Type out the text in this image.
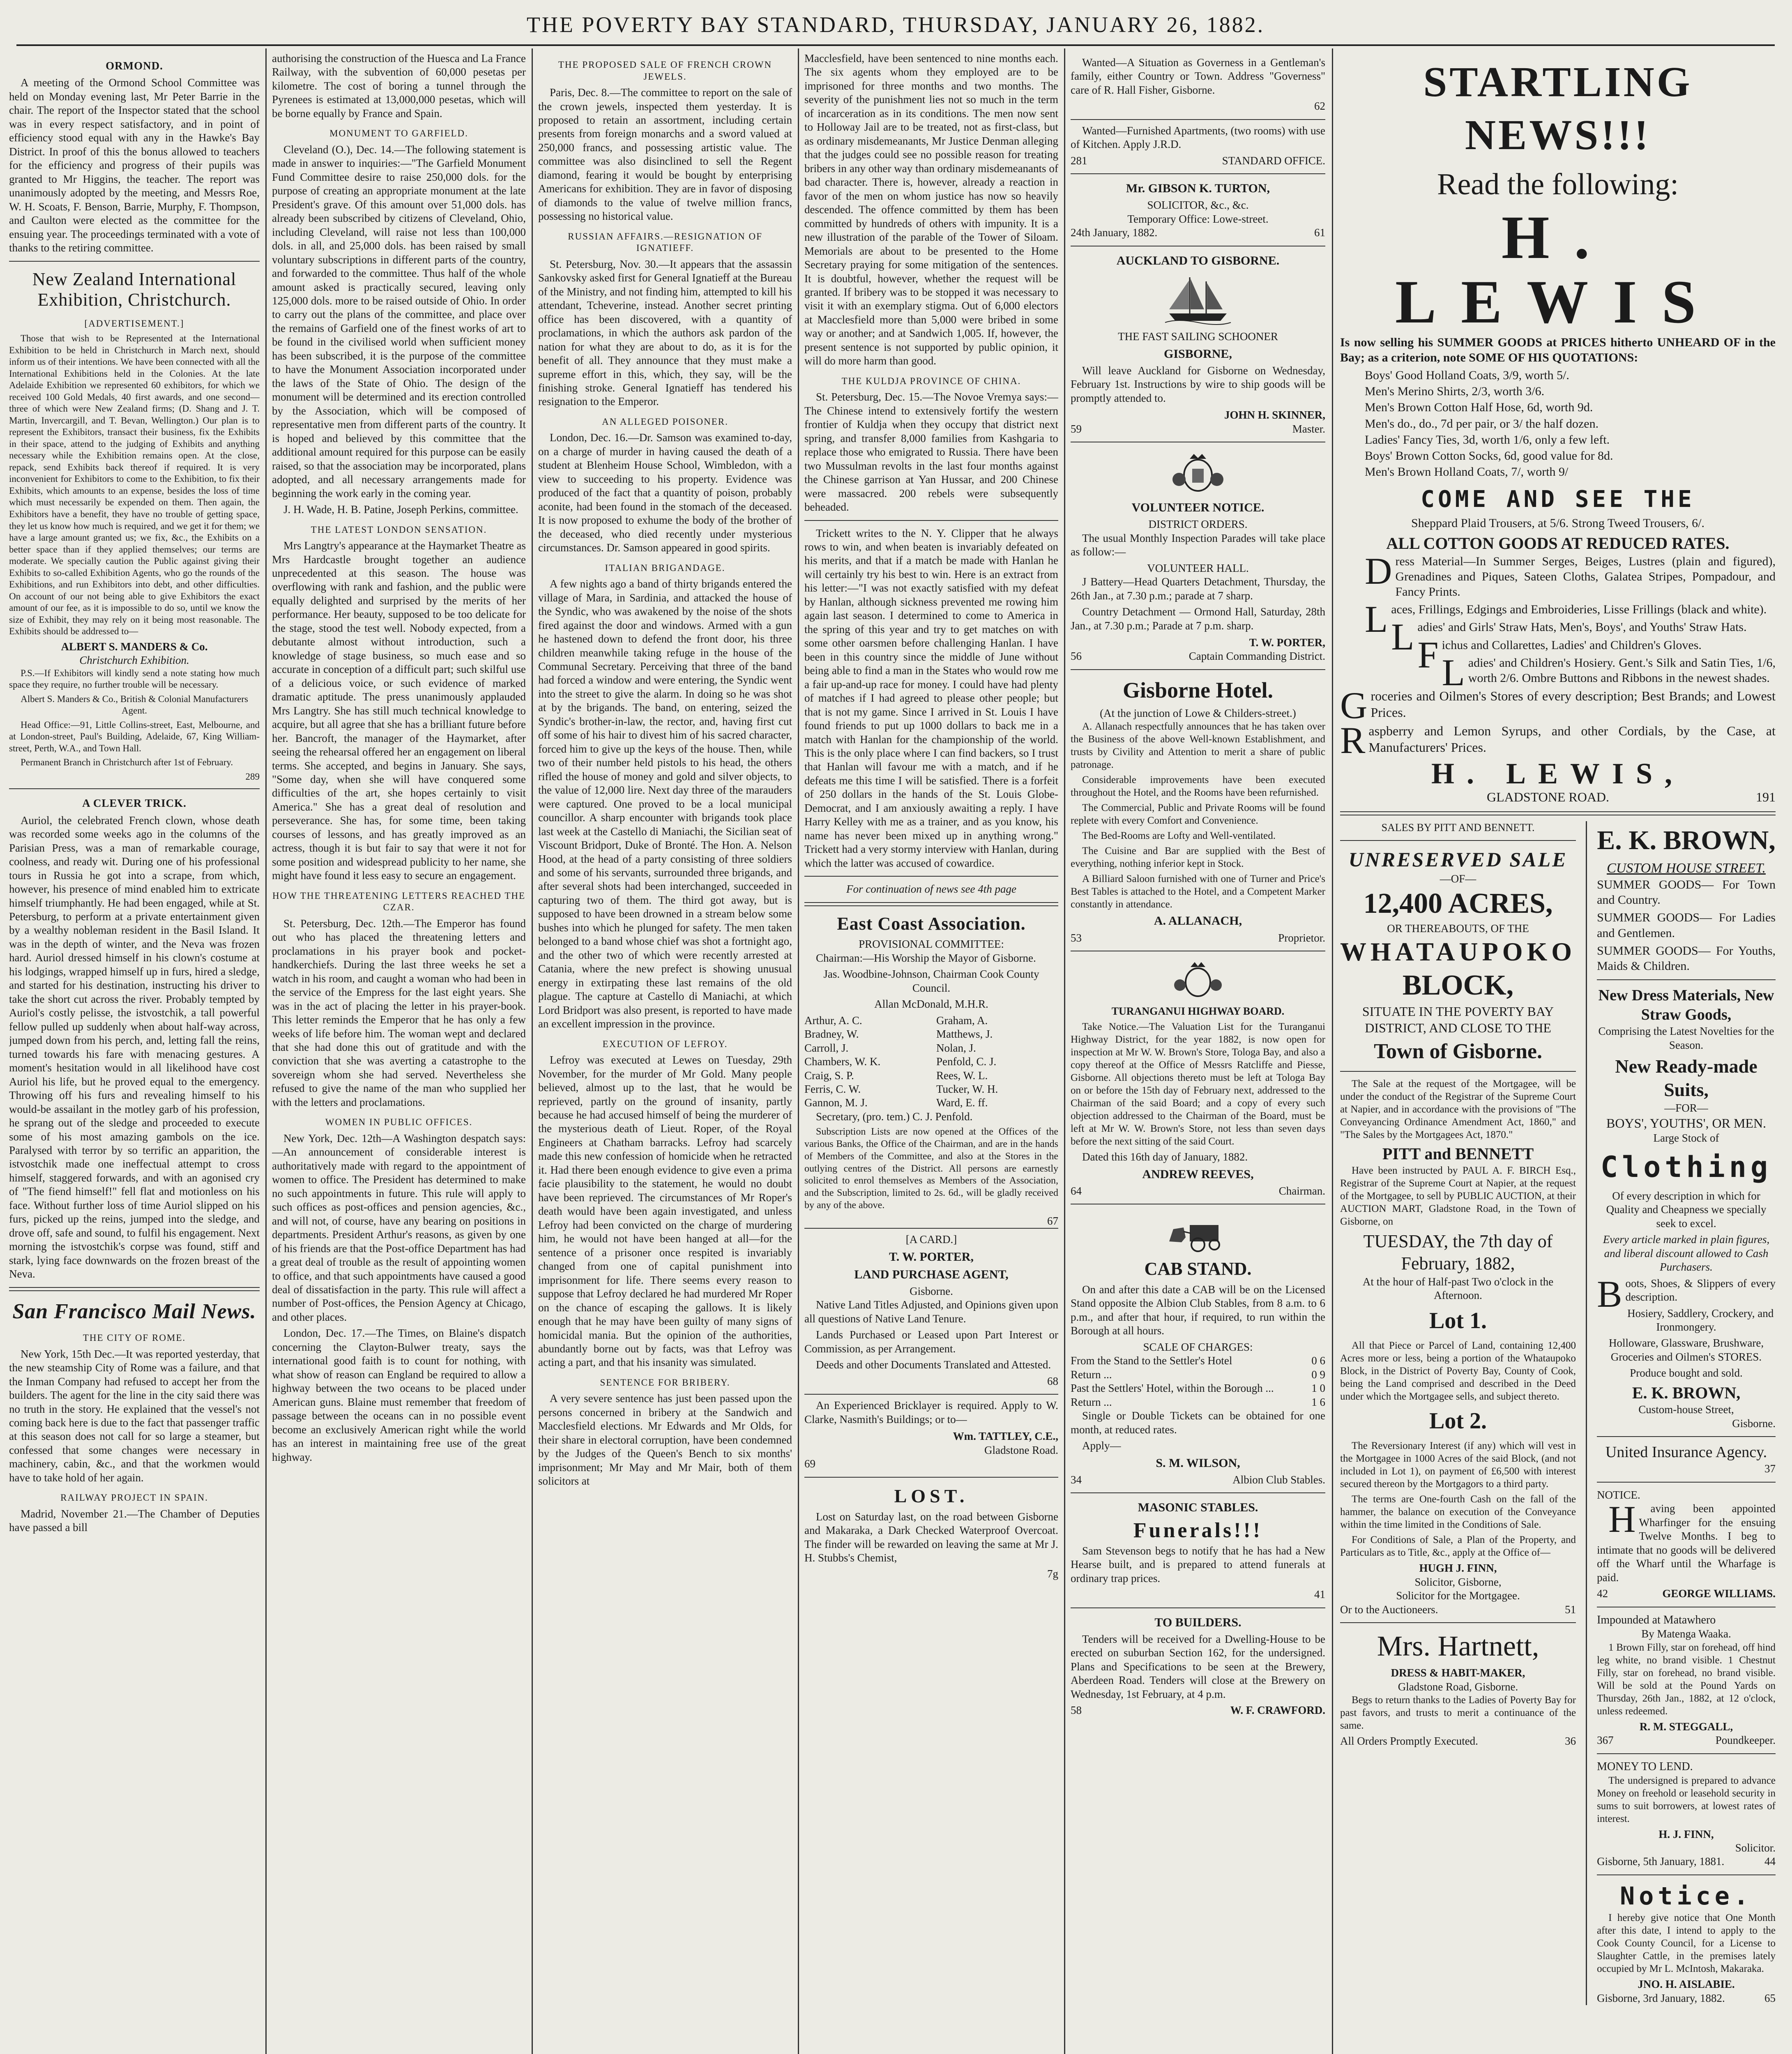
THE POVERTY BAY STANDARD, THURSDAY, JANUARY 26, 1882.
ORMOND.

A meeting of the Ormond School Committee was held on Monday evening last, Mr Peter Barrie in the chair. The report of the Inspector stated that the school was in every respect satisfactory, and in point of efficiency stood equal with any in the Hawke's Bay District. In proof of this the bonus allowed to teachers for the efficiency and progress of their pupils was granted to Mr Higgins, the teacher. The report was unanimously adopted by the meeting, and Messrs Roe, W. H. Scoats, F. Benson, Barrie, Murphy, F. Thompson, and Caulton were elected as the committee for the ensuing year. The proceedings terminated with a vote of thanks to the retiring committee.

New Zealand International Exhibition, Christchurch.
[ADVERTISEMENT.]

Those that wish to be Represented at the International Exhibition to be held in Christchurch in March next, should inform us of their intentions. We have been connected with all the International Exhibitions held in the Colonies. At the late Adelaide Exhibition we represented 60 exhibitors, for which we received 100 Gold Medals, 40 first awards, and one second—three of which were New Zealand firms; (D. Shang and J. T. Martin, Invercargill, and T. Bevan, Wellington.) Our plan is to represent the Exhibitors, transact their business, fix the Exhibits in their space, attend to the judging of Exhibits and anything necessary while the Exhibition remains open. At the close, repack, send Exhibits back thereof if required. It is very inconvenient for Exhibitors to come to the Exhibition, to fix their Exhibits, which amounts to an expense, besides the loss of time which must necessarily be expended on them. Then again, the Exhibitors have a benefit, they have no trouble of getting space, they let us know how much is required, and we get it for them; we have a large amount granted us; we fix, &c., the Exhibits on a better space than if they applied themselves; our terms are moderate. We specially caution the Public against giving their Exhibits to so-called Exhibition Agents, who go the rounds of the Exhibitions, and run Exhibitors into debt, and other difficulties. On account of our not being able to give Exhibitors the exact amount of our fee, as it is impossible to do so, until we know the size of Exhibit, they may rely on it being most reasonable. The Exhibits should be addressed to—

ALBERT S. MANDERS & Co.
Christchurch Exhibition.

P.S.—If Exhibitors will kindly send a note stating how much space they require, no further trouble will be necessary.

Albert S. Manders & Co., British & Colonial Manufacturers Agent.

Head Office:—91, Little Collins-street, East, Melbourne, and at London-street, Paul's Building, Adelaide, 67, King William-street, Perth, W.A., and Town Hall.

Permanent Branch in Christchurch after 1st of February.

289
A CLEVER TRICK.

Auriol, the celebrated French clown, whose death was recorded some weeks ago in the columns of the Parisian Press, was a man of remarkable courage, coolness, and ready wit. During one of his professional tours in Russia he got into a scrape, from which, however, his presence of mind enabled him to extricate himself triumphantly. He had been engaged, while at St. Petersburg, to perform at a private entertainment given by a wealthy nobleman resident in the Basil Island. It was in the depth of winter, and the Neva was frozen hard. Auriol dressed himself in his clown's costume at his lodgings, wrapped himself up in furs, hired a sledge, and started for his destination, instructing his driver to take the short cut across the river. Probably tempted by Auriol's costly pelisse, the istvostchik, a tall powerful fellow pulled up suddenly when about half-way across, jumped down from his perch, and, letting fall the reins, turned towards his fare with menacing gestures. A moment's hesitation would in all likelihood have cost Auriol his life, but he proved equal to the emergency. Throwing off his furs and revealing himself to his would-be assailant in the motley garb of his profession, he sprang out of the sledge and proceeded to execute some of his most amazing gambols on the ice. Paralysed with terror by so terrific an apparition, the istvostchik made one ineffectual attempt to cross himself, staggered forwards, and with an agonised cry of "The fiend himself!" fell flat and motionless on his face. Without further loss of time Auriol slipped on his furs, picked up the reins, jumped into the sledge, and drove off, safe and sound, to fulfil his engagement. Next morning the istvostchik's corpse was found, stiff and stark, lying face downwards on the frozen breast of the Neva.

San Francisco Mail News.
THE CITY OF ROME.

New York, 15th Dec.—It was reported yesterday, that the new steamship City of Rome was a failure, and that the Inman Company had refused to accept her from the builders. The agent for the line in the city said there was no truth in the story. He explained that the vessel's not coming back here is due to the fact that passenger traffic at this season does not call for so large a steamer, but confessed that some changes were necessary in machinery, cabin, &c., and that the workmen would have to take hold of her again.

RAILWAY PROJECT IN SPAIN.

Madrid, November 21.—The Chamber of Deputies have passed a bill

authorising the construction of the Huesca and La France Railway, with the subvention of 60,000 pesetas per kilometre. The cost of boring a tunnel through the Pyrenees is estimated at 13,000,000 pesetas, which will be borne equally by France and Spain.

MONUMENT TO GARFIELD.

Cleveland (O.), Dec. 14.—The following statement is made in answer to inquiries:—"The Garfield Monument Fund Committee desire to raise 250,000 dols. for the purpose of creating an appropriate monument at the late President's grave. Of this amount over 51,000 dols. has already been subscribed by citizens of Cleveland, Ohio, including Cleveland, will raise not less than 100,000 dols. in all, and 25,000 dols. has been raised by small voluntary subscriptions in different parts of the country, and forwarded to the committee. Thus half of the whole amount asked is practically secured, leaving only 125,000 dols. more to be raised outside of Ohio. In order to carry out the plans of the committee, and place over the remains of Garfield one of the finest works of art to be found in the civilised world when sufficient money has been subscribed, it is the purpose of the committee to have the Monument Association incorporated under the laws of the State of Ohio. The design of the monument will be determined and its erection controlled by the Association, which will be composed of representative men from different parts of the country. It is hoped and believed by this committee that the additional amount required for this purpose can be easily raised, so that the association may be incorporated, plans adopted, and all necessary arrangements made for beginning the work early in the coming year.

J. H. Wade, H. B. Patine, Joseph Perkins, committee.

THE LATEST LONDON SENSATION.

Mrs Langtry's appearance at the Haymarket Theatre as Mrs Hardcastle brought together an audience unprecedented at this season. The house was overflowing with rank and fashion, and the public were equally delighted and surprised by the merits of her performance. Her beauty, supposed to be too delicate for the stage, stood the test well. Nobody expected, from a debutante almost without introduction, such a knowledge of stage business, so much ease and so accurate in conception of a difficult part; such skilful use of a delicious voice, or such evidence of marked dramatic aptitude. The press unanimously applauded Mrs Langtry. She has still much technical knowledge to acquire, but all agree that she has a brilliant future before her. Bancroft, the manager of the Haymarket, after seeing the rehearsal offered her an engagement on liberal terms. She accepted, and begins in January. She says, "Some day, when she will have conquered some difficulties of the art, she hopes certainly to visit America." She has a great deal of resolution and perseverance. She has, for some time, been taking courses of lessons, and has greatly improved as an actress, though it is but fair to say that were it not for some position and widespread publicity to her name, she might have found it less easy to secure an engagement.

HOW THE THREATENING LETTERS REACHED THE CZAR.

St. Petersburg, Dec. 12th.—The Emperor has found out who has placed the threatening letters and proclamations in his prayer book and pocket-handkerchiefs. During the last three weeks he set a watch in his room, and caught a woman who had been in the service of the Empress for the last eight years. She was in the act of placing the letter in his prayer-book. This letter reminds the Emperor that he has only a few weeks of life before him. The woman wept and declared that she had done this out of gratitude and with the conviction that she was averting a catastrophe to the sovereign whom she had served. Nevertheless she refused to give the name of the man who supplied her with the letters and proclamations.

WOMEN IN PUBLIC OFFICES.

New York, Dec. 12th—A Washington despatch says:—An announcement of considerable interest is authoritatively made with regard to the appointment of women to office. The President has determined to make no such appointments in future. This rule will apply to such offices as post-offices and pension agencies, &c., and will not, of course, have any bearing on positions in departments. President Arthur's reasons, as given by one of his friends are that the Post-office Department has had a great deal of trouble as the result of appointing women to office, and that such appointments have caused a good deal of dissatisfaction in the party. This rule will affect a number of Post-offices, the Pension Agency at Chicago, and other places.

London, Dec. 17.—The Times, on Blaine's dispatch concerning the Clayton-Bulwer treaty, says the international good faith is to count for nothing, with what show of reason can England be required to allow a highway between the two oceans to be placed under American guns. Blaine must remember that freedom of passage between the oceans can in no possible event become an exclusively American right while the world has an interest in maintaining free use of the great highway.

THE PROPOSED SALE OF FRENCH CROWN JEWELS.

Paris, Dec. 8.—The committee to report on the sale of the crown jewels, inspected them yesterday. It is proposed to retain an assortment, including certain presents from foreign monarchs and a sword valued at 250,000 francs, and possessing artistic value. The committee was also disinclined to sell the Regent diamond, fearing it would be bought by enterprising Americans for exhibition. They are in favor of disposing of diamonds to the value of twelve million francs, possessing no historical value.

RUSSIAN AFFAIRS.—RESIGNATION OF IGNATIEFF.

St. Petersburg, Nov. 30.—It appears that the assassin Sankovsky asked first for General Ignatieff at the Bureau of the Ministry, and not finding him, attempted to kill his attendant, Tcheverine, instead. Another secret printing office has been discovered, with a quantity of proclamations, in which the authors ask pardon of the nation for what they are about to do, as it is for the benefit of all. They announce that they must make a supreme effort in this, which, they say, will be the finishing stroke. General Ignatieff has tendered his resignation to the Emperor.

AN ALLEGED POISONER.

London, Dec. 16.—Dr. Samson was examined to-day, on a charge of murder in having caused the death of a student at Blenheim House School, Wimbledon, with a view to succeeding to his property. Evidence was produced of the fact that a quantity of poison, probably aconite, had been found in the stomach of the deceased. It is now proposed to exhume the body of the brother of the deceased, who died recently under mysterious circumstances. Dr. Samson appeared in good spirits.

ITALIAN BRIGANDAGE.

A few nights ago a band of thirty brigands entered the village of Mara, in Sardinia, and attacked the house of the Syndic, who was awakened by the noise of the shots fired against the door and windows. Armed with a gun he hastened down to defend the front door, his three children meanwhile taking refuge in the house of the Communal Secretary. Perceiving that three of the band had forced a window and were entering, the Syndic went into the street to give the alarm. In doing so he was shot at by the brigands. The band, on entering, seized the Syndic's brother-in-law, the rector, and, having first cut off some of his hair to divest him of his sacred character, forced him to give up the keys of the house. Then, while two of their number held pistols to his head, the others rifled the house of money and gold and silver objects, to the value of 12,000 lire. Next day three of the marauders were captured. One proved to be a local municipal councillor. A sharp encounter with brigands took place last week at the Castello di Maniachi, the Sicilian seat of Viscount Bridport, Duke of Bronté. The Hon. A. Nelson Hood, at the head of a party consisting of three soldiers and some of his servants, surrounded three brigands, and after several shots had been interchanged, succeeded in capturing two of them. The third got away, but is supposed to have been drowned in a stream below some bushes into which he plunged for safety. The men taken belonged to a band whose chief was shot a fortnight ago, and the other two of which were recently arrested at Catania, where the new prefect is showing unusual energy in extirpating these last remains of the old plague. The capture at Castello di Maniachi, at which Lord Bridport was also present, is reported to have made an excellent impression in the province.

EXECUTION OF LEFROY.

Lefroy was executed at Lewes on Tuesday, 29th November, for the murder of Mr Gold. Many people believed, almost up to the last, that he would be reprieved, partly on the ground of insanity, partly because he had accused himself of being the murderer of the mysterious death of Lieut. Roper, of the Royal Engineers at Chatham barracks. Lefroy had scarcely made this new confession of homicide when he retracted it. Had there been enough evidence to give even a prima facie plausibility to the statement, he would no doubt have been reprieved. The circumstances of Mr Roper's death would have been again investigated, and unless Lefroy had been convicted on the charge of murdering him, he would not have been hanged at all—for the sentence of a prisoner once respited is invariably changed from one of capital punishment into imprisonment for life. There seems every reason to suppose that Lefroy declared he had murdered Mr Roper on the chance of escaping the gallows. It is likely enough that he may have been guilty of many signs of homicidal mania. But the opinion of the authorities, abundantly borne out by facts, was that Lefroy was acting a part, and that his insanity was simulated.

SENTENCE FOR BRIBERY.

A very severe sentence has just been passed upon the persons concerned in bribery at the Sandwich and Macclesfield elections. Mr Edwards and Mr Olds, for their share in electoral corruption, have been condemned by the Judges of the Queen's Bench to six months' imprisonment; Mr May and Mr Mair, both of them solicitors at

Macclesfield, have been sentenced to nine months each. The six agents whom they employed are to be imprisoned for three months and two months. The severity of the punishment lies not so much in the term of incarceration as in its conditions. The men now sent to Holloway Jail are to be treated, not as first-class, but as ordinary misdemeanants, Mr Justice Denman alleging that the judges could see no possible reason for treating bribers in any other way than ordinary misdemeanants of bad character. There is, however, already a reaction in favor of the men on whom justice has now so heavily descended. The offence committed by them has been committed by hundreds of others with impunity. It is a new illustration of the parable of the Tower of Siloam. Memorials are about to be presented to the Home Secretary praying for some mitigation of the sentences. It is doubtful, however, whether the request will be granted. If bribery was to be stopped it was necessary to visit it with an exemplary stigma. Out of 6,000 electors at Macclesfield more than 5,000 were bribed in some way or another; and at Sandwich 1,005. If, however, the present sentence is not supported by public opinion, it will do more harm than good.

THE KULDJA PROVINCE OF CHINA.

St. Petersburg, Dec. 15.—The Novoe Vremya says:—The Chinese intend to extensively fortify the western frontier of Kuldja when they occupy that district next spring, and transfer 8,000 families from Kashgaria to replace those who emigrated to Russia. There have been two Mussulman revolts in the last four months against the Chinese garrison at Yan Hussar, and 200 Chinese were massacred. 200 rebels were subsequently beheaded.

Trickett writes to the N. Y. Clipper that he always rows to win, and when beaten is invariably defeated on his merits, and that if a match be made with Hanlan he will certainly try his best to win. Here is an extract from his letter:—"I was not exactly satisfied with my defeat by Hanlan, although sickness prevented me rowing him again last season. I determined to come to America in the spring of this year and try to get matches on with some other oarsmen before challenging Hanlan. I have been in this country since the middle of June without being able to find a man in the States who would row me a fair up-and-up race for money. I could have had plenty of matches if I had agreed to please other people; but that is not my game. Since I arrived in St. Louis I have found friends to put up 1000 dollars to back me in a match with Hanlan for the championship of the world. This is the only place where I can find backers, so I trust that Hanlan will favour me with a match, and if he defeats me this time I will be satisfied. There is a forfeit of 250 dollars in the hands of the St. Louis Globe-Democrat, and I am anxiously awaiting a reply. I have Harry Kelley with me as a trainer, and as you know, his name has never been mixed up in anything wrong." Trickett had a very stormy interview with Hanlan, during which the latter was accused of cowardice.

For continuation of news see 4th page
East Coast Association.
PROVISIONAL COMMITTEE:

Chairman:—His Worship the Mayor of Gisborne.

Jas. Woodbine-Johnson, Chairman Cook County Council.

Allan McDonald, M.H.R.

Arthur, A. C.
Bradney, W.
Carroll, J.
Chambers, W. K.
Craig, S. P.
Ferris, C. W.
Gannon, M. J.
Graham, A.
Matthews, J.
Nolan, J.
Penfold, C. J.
Rees, W. L.
Tucker, W. H.
Ward, E. ff.

Secretary, (pro. tem.) C. J. Penfold.

Subscription Lists are now opened at the Offices of the various Banks, the Office of the Chairman, and are in the hands of Members of the Committee, and also at the Stores in the outlying centres of the District. All persons are earnestly solicited to enrol themselves as Members of the Association, and the Subscription, limited to 2s. 6d., will be gladly received by any of the above.

67
[A CARD.]
T. W. PORTER,
LAND PURCHASE AGENT,
Gisborne.

Native Land Titles Adjusted, and Opinions given upon all questions of Native Land Tenure.

Lands Purchased or Leased upon Part Interest or Commission, as per Arrangement.

Deeds and other Documents Translated and Attested.

68

An Experienced Bricklayer is required. Apply to W. Clarke, Nasmith's Buildings; or to—

Wm. TATTLEY, C.E.,
Gladstone Road.
69
LOST.

Lost on Saturday last, on the road between Gisborne and Makaraka, a Dark Checked Waterproof Overcoat. The finder will be rewarded on leaving the same at Mr J. H. Stubbs's Chemist,

7g

Wanted—A Situation as Governess in a Gentleman's family, either Country or Town. Address "Governess" care of R. Hall Fisher, Gisborne.

62

Wanted—Furnished Apartments, (two rooms) with use of Kitchen. Apply J.R.D.

281	STANDARD OFFICE.
Mr. GIBSON K. TURTON,
SOLICITOR, &c., &c.
Temporary Office: Lowe-street.
24th January, 1882.	61
AUCKLAND TO GISBORNE.
THE FAST SAILING SCHOONER
GISBORNE,

Will leave Auckland for Gisborne on Wednesday, February 1st. Instructions by wire to ship goods will be promptly attended to.

JOHN H. SKINNER,
59	Master.
VOLUNTEER NOTICE.
DISTRICT ORDERS.

The usual Monthly Inspection Parades will take place as follow:—

VOLUNTEER HALL.

J Battery—Head Quarters Detachment, Thursday, the 26th Jan., at 7.30 p.m.; parade at 7 sharp.

Country Detachment — Ormond Hall, Saturday, 28th Jan., at 7.30 p.m.; Parade at 7 p.m. sharp.

T. W. PORTER,
56	Captain Commanding District.
Gisborne Hotel.
(At the junction of Lowe & Childers-street.)

A. Allanach respectfully announces that he has taken over the Business of the above Well-known Establishment, and trusts by Civility and Attention to merit a share of public patronage.

Considerable improvements have been executed throughout the Hotel, and the Rooms have been refurnished.

The Commercial, Public and Private Rooms will be found replete with every Comfort and Convenience.

The Bed-Rooms are Lofty and Well-ventilated.

The Cuisine and Bar are supplied with the Best of everything, nothing inferior kept in Stock.

A Billiard Saloon furnished with one of Turner and Price's Best Tables is attached to the Hotel, and a Competent Marker constantly in attendance.

A. ALLANACH,
53	Proprietor.
TURANGANUI HIGHWAY BOARD.

Take Notice.—The Valuation List for the Turanganui Highway District, for the year 1882, is now open for inspection at Mr W. W. Brown's Store, Tologa Bay, and also a copy thereof at the Office of Messrs Ratcliffe and Piesse, Gisborne. All objections thereto must be left at Tologa Bay on or before the 15th day of February next, addressed to the Chairman of the said Board; and a copy of every such objection addressed to the Chairman of the Board, must be left at Mr W. W. Brown's Store, not less than seven days before the next sitting of the said Court.

Dated this 16th day of January, 1882.

ANDREW REEVES,
64	Chairman.
CAB STAND.

On and after this date a CAB will be on the Licensed Stand opposite the Albion Club Stables, from 8 a.m. to 6 p.m., and after that hour, if required, to run within the Borough at all hours.

SCALE OF CHARGES:
From the Stand to the Settler's Hotel	0 6
Return ...	0 9
Past the Settlers' Hotel, within the Borough ...	1 0
Return ...	1 6

Single or Double Tickets can be obtained for one month, at reduced rates.

Apply—

S. M. WILSON,
34	Albion Club Stables.
MASONIC STABLES.
Funerals!!!

Sam Stevenson begs to notify that he has had a New Hearse built, and is prepared to attend funerals at ordinary trap prices.

41
TO BUILDERS.

Tenders will be received for a Dwelling-House to be erected on suburban Section 162, for the undersigned. Plans and Specifications to be seen at the Brewery, Aberdeen Road. Tenders will close at the Brewery on Wednesday, 1st February, at 4 p.m.

58	W. F. CRAWFORD.
STARTLING NEWS!!!
Read the following:
H. LEWIS

Is now selling his SUMMER GOODS at PRICES hitherto UNHEARD OF in the Bay; as a criterion, note SOME OF HIS QUOTATIONS:

Boys' Good Holland Coats, 3/9, worth 5/.

Men's Merino Shirts, 2/3, worth 3/6.

Men's Brown Cotton Half Hose, 6d, worth 9d.

Men's do., do., 7d per pair, or 3/ the half dozen.

Ladies' Fancy Ties, 3d, worth 1/6, only a few left.

Boys' Brown Cotton Socks, 6d, good value for 8d.

Men's Brown Holland Coats, 7/, worth 9/

COME AND SEE THE

Sheppard Plaid Trousers, at 5/6. Strong Tweed Trousers, 6/.

ALL COTTON GOODS AT REDUCED RATES.

Dress Material—In Summer Serges, Beiges, Lustres (plain and figured), Grenadines and Piques, Sateen Cloths, Galatea Stripes, Pompadour, and Fancy Prints.

Laces, Frillings, Edgings and Embroideries, Lisse Frillings (black and white).

Ladies' and Girls' Straw Hats, Men's, Boys', and Youths' Straw Hats.

Fichus and Collarettes, Ladies' and Children's Gloves.

Ladies' and Children's Hosiery. Gent.'s Silk and Satin Ties, 1/6, worth 2/6. Ombre Buttons and Ribbons in the newest shades.

Groceries and Oilmen's Stores of every description; Best Brands; and Lowest Prices.

Raspberry and Lemon Syrups, and other Cordials, by the Case, at Manufacturers' Prices.

H. LEWIS,
GLADSTONE ROAD.	191
SALES BY PITT AND BENNETT.
UNRESERVED SALE
—OF—
12,400 ACRES,
OR THEREABOUTS, OF THE
WHATAUPOKO
BLOCK,

SITUATE IN THE POVERTY BAY DISTRICT, AND CLOSE TO THE

Town of Gisborne.

The Sale at the request of the Mortgagee, will be under the conduct of the Registrar of the Supreme Court at Napier, and in accordance with the provisions of "The Conveyancing Ordinance Amendment Act, 1860," and "The Sales by the Mortgagees Act, 1870."

PITT and BENNETT

Have been instructed by PAUL A. F. BIRCH Esq., Registrar of the Supreme Court at Napier, at the request of the Mortgagee, to sell by PUBLIC AUCTION, at their AUCTION MART, Gladstone Road, in the Town of Gisborne, on

TUESDAY, the 7th day of February, 1882,

At the hour of Half-past Two o'clock in the Afternoon.

Lot 1.

All that Piece or Parcel of Land, containing 12,400 Acres more or less, being a portion of the Whataupoko Block, in the District of Poverty Bay, County of Cook, being the Land comprised and described in the Deed under which the Mortgagee sells, and subject thereto.

Lot 2.

The Reversionary Interest (if any) which will vest in the Mortgagee in 1000 Acres of the said Block, (and not included in Lot 1), on payment of £6,500 with interest secured thereon by the Mortgagors to a third party.

The terms are One-fourth Cash on the fall of the hammer, the balance on execution of the Conveyance within the time limited in the Conditions of Sale.

For Conditions of Sale, a Plan of the Property, and Particulars as to Title, &c., apply at the Office of—

HUGH J. FINN,
Solicitor, Gisborne,
Solicitor for the Mortgagee.
Or to the Auctioneers.	51
Mrs. Hartnett,
DRESS & HABIT-MAKER,
Gladstone Road, Gisborne.

Begs to return thanks to the Ladies of Poverty Bay for past favors, and trusts to merit a continuance of the same.

All Orders Promptly Executed.	36
E. K. BROWN,
CUSTOM HOUSE STREET.

SUMMER GOODS— For Town and Country.

SUMMER GOODS— For Ladies and Gentlemen.

SUMMER GOODS— For Youths, Maids & Children.

New Dress Materials, New Straw Goods,

Comprising the Latest Novelties for the Season.

New Ready-made Suits,
—FOR—
BOYS', YOUTHS', OR MEN.
Large Stock of
Clothing

Of every description in which for Quality and Cheapness we specially seek to excel.

Every article marked in plain figures, and liberal discount allowed to Cash Purchasers.

Boots, Shoes, & Slippers of every description.

Hosiery, Saddlery, Crockery, and Ironmongery.

Holloware, Glassware, Brushware, Groceries and Oilmen's STORES.

Produce bought and sold.

E. K. BROWN,
Custom-house Street,
Gisborne.
United Insurance Agency.
37
NOTICE.

Having been appointed Wharfinger for the ensuing Twelve Months. I beg to intimate that no goods will be delivered off the Wharf until the Wharfage is paid.

42	GEORGE WILLIAMS.
Impounded at Matawhero
By Matenga Waaka.

1 Brown Filly, star on forehead, off hind leg white, no brand visible. 1 Chestnut Filly, star on forehead, no brand visible. Will be sold at the Pound Yards on Thursday, 26th Jan., 1882, at 12 o'clock, unless redeemed.

R. M. STEGGALL,
367	Poundkeeper.
MONEY TO LEND.

The undersigned is prepared to advance Money on freehold or leasehold security in sums to suit borrowers, at lowest rates of interest.

H. J. FINN,
Solicitor.
Gisborne, 5th January, 1881.	44
Notice.

I hereby give notice that One Month after this date, I intend to apply to the Cook County Council, for a License to Slaughter Cattle, in the premises lately occupied by Mr L. McIntosh, Makaraka.

JNO. H. AISLABIE.
Gisborne, 3rd January, 1882.	65
